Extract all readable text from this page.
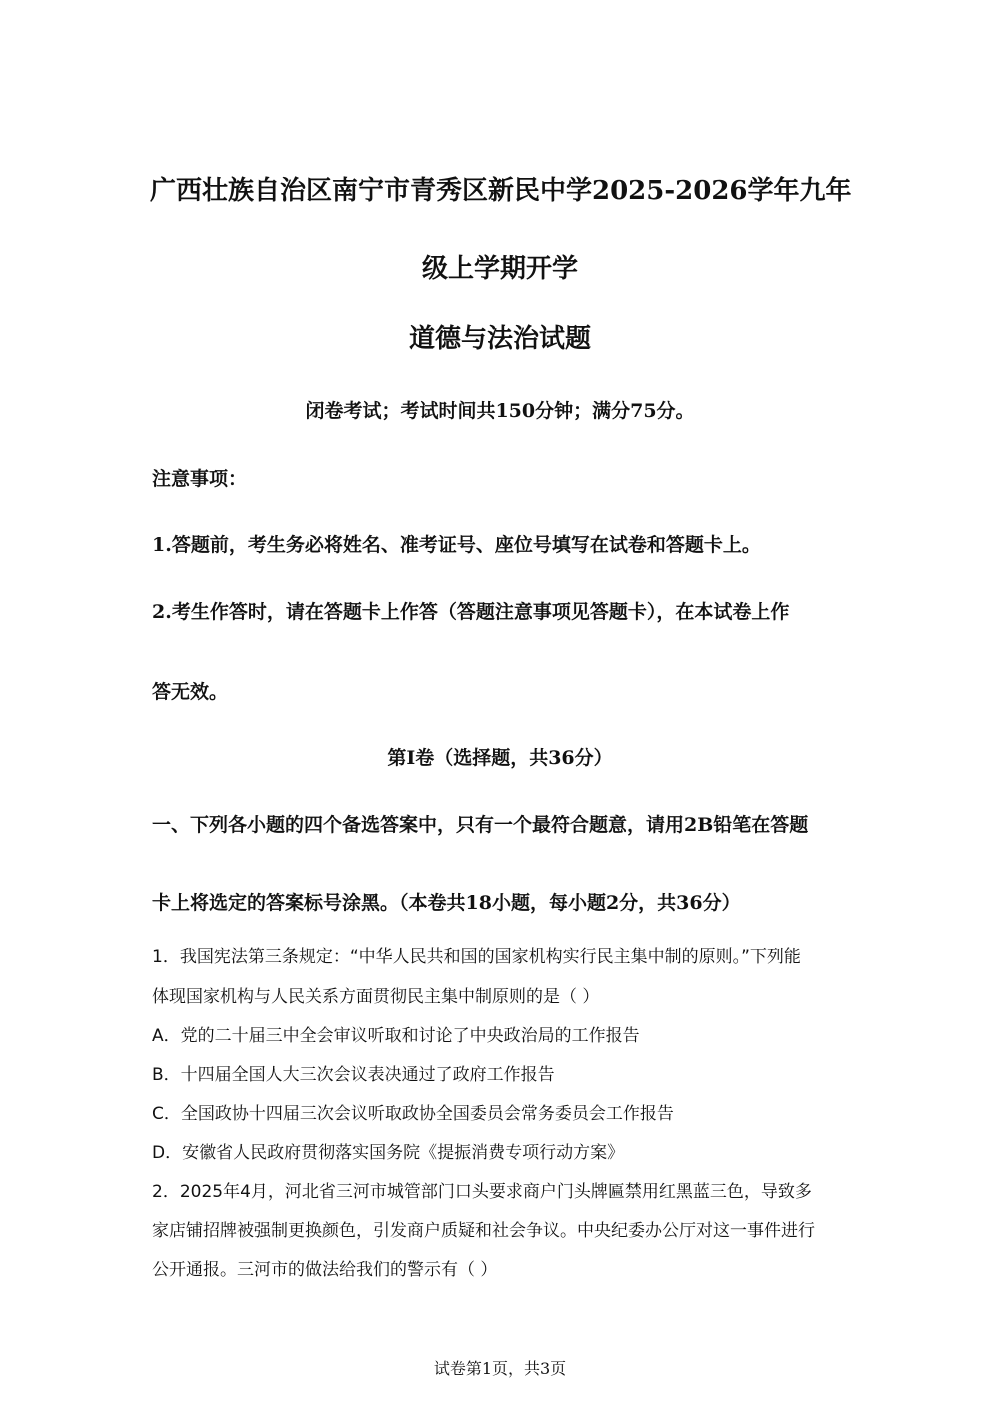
广西壮族自治区南宁市青秀区新民中学2025-2026学年九年
级上学期开学
道德与法治试题
闭卷考试；考试时间共150分钟；满分75分。
注意事项：
1.答题前，考生务必将姓名、准考证号、座位号填写在试卷和答题卡上。
2.考生作答时，请在答题卡上作答（答题注意事项见答题卡），在本试卷上作
答无效。
第Ⅰ卷（选择题，共36分）
一、下列各小题的四个备选答案中，只有一个最符合题意，请用2B铅笔在答题
卡上将选定的答案标号涂黑。（本卷共18小题，每小题2分，共36分）
1．我国宪法第三条规定：“中华人民共和国的国家机构实行民主集中制的原则。”下列能
体现国家机构与人民关系方面贯彻民主集中制原则的是（ ）
A．党的二十届三中全会审议听取和讨论了中央政治局的工作报告
B．十四届全国人大三次会议表决通过了政府工作报告
C．全国政协十四届三次会议听取政协全国委员会常务委员会工作报告
D．安徽省人民政府贯彻落实国务院《提振消费专项行动方案》
2．2025年4月，河北省三河市城管部门口头要求商户门头牌匾禁用红黑蓝三色，导致多
家店铺招牌被强制更换颜色，引发商户质疑和社会争议。中央纪委办公厅对这一事件进行
公开通报。三河市的做法给我们的警示有（ ）
试卷第1页，共3页
